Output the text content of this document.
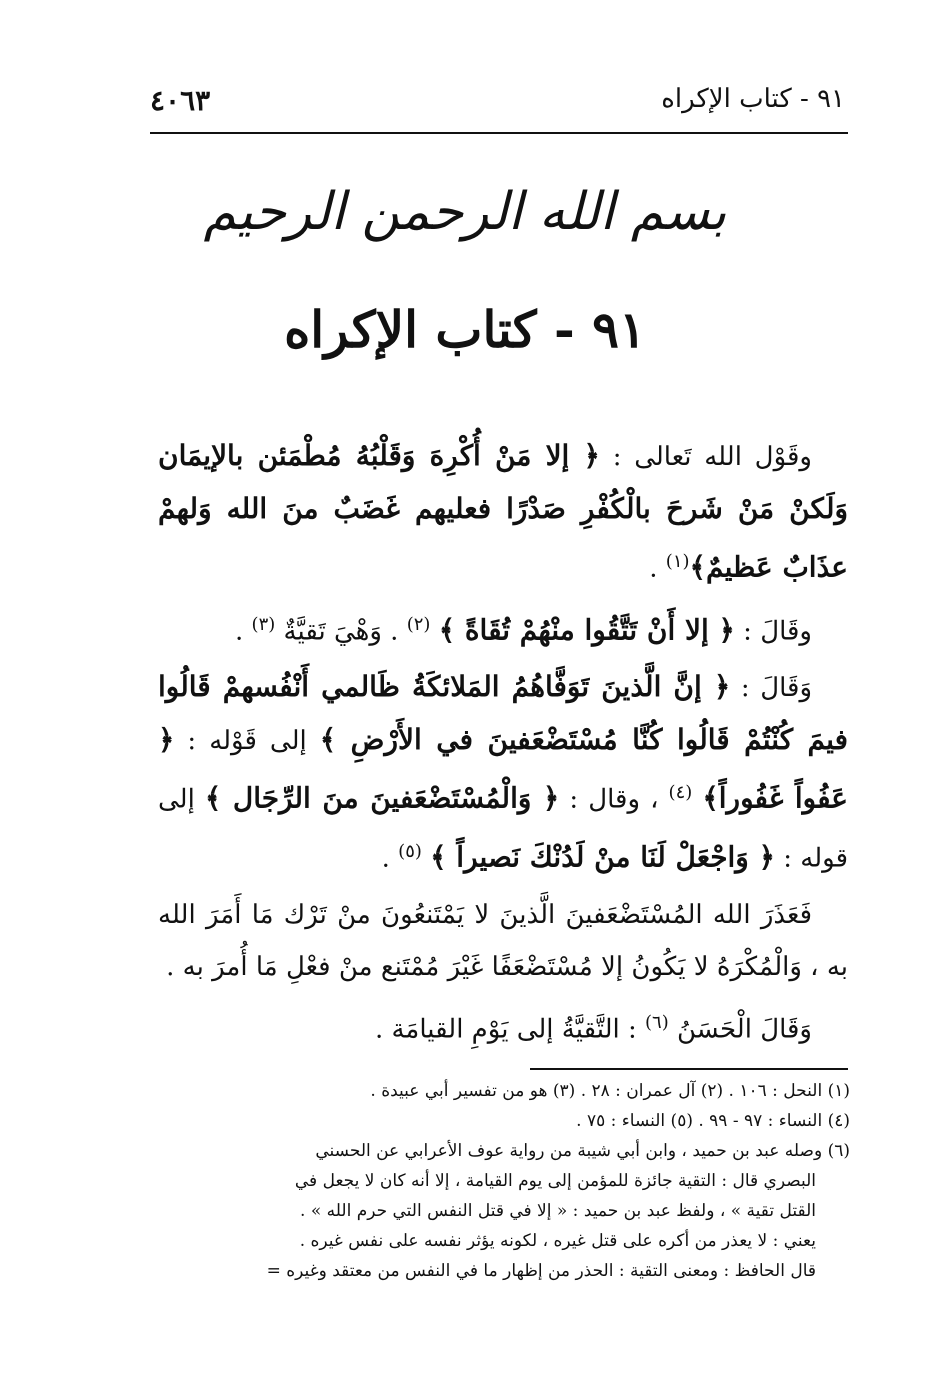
٩١ - كتاب الإكراه
٤٠٦٣
بسم الله الرحمن الرحيم
٩١ - كتاب الإكراه

وقَوْل الله تَعالى : ﴿ إلا مَنْ أُكْرِهَ وَقَلْبُهُ مُطْمَئن بالإيمَان وَلَكنْ مَنْ شَرحَ بالْكُفْرِ صَدْرًا فعليهم غَضَبٌ منَ الله وَلهمْ عذَابٌ عَظيمٌ﴾$^{(١)}$ .

وقَالَ : ﴿ إلا أَنْ تَتَّقُوا منْهُمْ تُقَاةً ﴾ $^{(٢)}$ . وَهْيَ تَقيَّةٌ $^{(٣)}$ .

وَقَالَ : ﴿ إنَّ الَّذينَ تَوَفَّاهُمُ المَلائكَةُ ظَالمي أَنْفُسهمْ قَالُوا فيمَ كُنْتُمْ قَالُوا كُنَّا مُسْتَضْعَفينَ في الأَرْضِ ﴾ إلى قَوْله : ﴿ عَفُواً غَفُوراً﴾ $^{(٤)}$ ، وقال : ﴿ وَالْمُسْتَضْعَفينَ منَ الرِّجَال ﴾ إلى قوله : ﴿ وَاجْعَلْ لَنَا منْ لَدُنْكَ نَصيراً ﴾ $^{(٥)}$ .

فَعَذَرَ الله المُسْتَضْعَفينَ الَّذينَ لا يَمْتَنعُونَ منْ تَرْك مَا أَمَرَ الله به ، وَالْمُكْرَهُ لا يَكُونُ إلا مُسْتَضْعَفًا غَيْرَ مُمْتَنع منْ فعْلِ مَا أُمرَ به .

وَقَالَ الْحَسَنُ $^{(٦)}$ : التَّقيَّةُ إلى يَوْمِ القيامَة .

(١) النحل : ١٠٦ . (٢) آل عمران : ٢٨ . (٣) هو من تفسير أبي عبيدة .
(٤) النساء : ٩٧ - ٩٩ . (٥) النساء : ٧٥ .
(٦) وصله عبد بن حميد ، وابن أبي شيبة من رواية عوف الأعرابي عن الحسني
البصري قال : التقية جائزة للمؤمن إلى يوم القيامة ، إلا أنه كان لا يجعل في
القتل تقية » ، ولفظ عبد بن حميد : « إلا في قتل النفس التي حرم الله » .
يعني : لا يعذر من أكره على قتل غيره ، لكونه يؤثر نفسه على نفس غيره .
قال الحافظ : ومعنى التقية : الحذر من إظهار ما في النفس من معتقد وغيره =
